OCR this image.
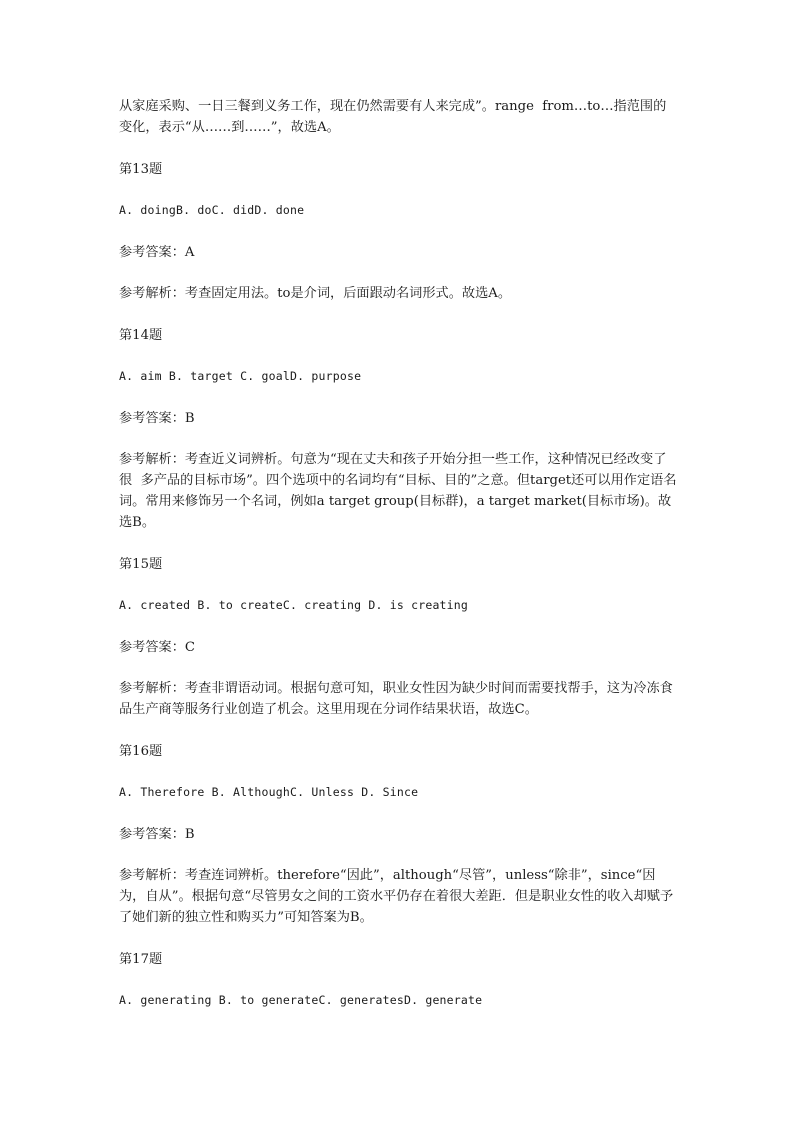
从家庭采购、一日三餐到义务工作，现在仍然需要有人来完成”。range  from…to…指范围的变化，表示“从……到……”，故选A。

第13题

A. doingB. doC. didD. done

参考答案：A

参考解析：考查固定用法。to是介词，后面跟动名词形式。故选A。

第14题

A. aim B. target C. goalD. purpose

参考答案：B

参考解析：考查近义词辨析。句意为“现在丈夫和孩子开始分担一些工作，这种情况已经改变了很  多产品的目标市场”。四个选项中的名词均有“目标、目的”之意。但target还可以用作定语名词。常用来修饰另一个名词，例如a target group(目标群)，a target market(目标市场)。故选B。

第15题

A. created B. to createC. creating D. is creating

参考答案：C

参考解析：考查非谓语动词。根据句意可知，职业女性因为缺少时间而需要找帮手，这为冷冻食品生产商等服务行业创造了机会。这里用现在分词作结果状语，故选C。

第16题

A. Therefore B. AlthoughC. Unless D. Since

参考答案：B

参考解析：考查连词辨析。therefore“因此”，although“尽管”，unless“除非”，since“因为，自从”。根据句意“尽管男女之间的工资水平仍存在着很大差距．但是职业女性的收入却赋予了她们新的独立性和购买力”可知答案为B。

第17题

A. generating B. to generateC. generatesD. generate
